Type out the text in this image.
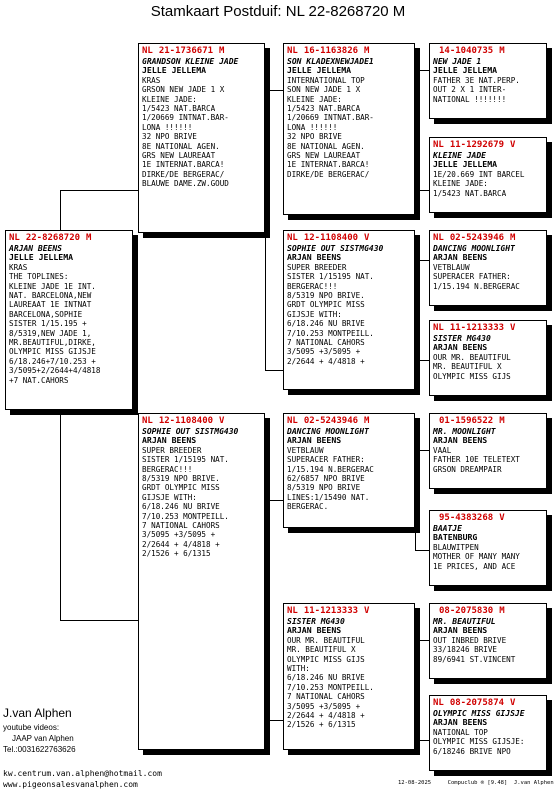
Stamkaart Postduif: NL 22-8268720 M
NL 22-8268720 M
ARJAN BEENS
JELLE JELLEMA
KRAS
THE TOPLINES:
KLEINE JADE 1E INT.
NAT. BARCELONA,NEW
LAUREAAT 1E INTNAT
BARCELONA,SOPHIE
SISTER 1/15.195 +
8/5319,NEW JADE 1,
MR.BEAUTIFUL,DIRKE,
OLYMPIC MISS GIJSJE
6/18.246+7/10.253 +
3/5095+2/2644+4/4818
+7 NAT.CAHORS
NL 21-1736671 M
GRANDSON KLEINE JADE
JELLE JELLEMA
KRAS
GRSON NEW JADE 1 X
KLEINE JADE:
1/5423 NAT.BARCA
1/20669 INTNAT.BAR-
LONA !!!!!!
32 NPO BRIVE
8E NATIONAL AGEN.
GRS NEW LAUREAAT
1E INTERNAT.BARCA!
DIRKE/DE BERGERAC/
BLAUWE DAME.ZW.GOUD
NL 12-1108400 V
SOPHIE OUT SISTMG430
ARJAN BEENS
SUPER BREEDER
SISTER 1/15195 NAT.
BERGERAC!!!
8/5319 NPO BRIVE.
GRDT OLYMPIC MISS
GIJSJE WITH:
6/18.246 NU BRIVE
7/10.253 MONTPEILL.
7 NATIONAL CAHORS
3/5095 +3/5095 +
2/2644 + 4/4818 +
2/1526 + 6/1315
NL 16-1163826 M
SON KLADEXNEWJADE1
JELLE JELLEMA
INTERNATIONAL TOP
SON NEW JADE 1 X
KLEINE JADE:
1/5423 NAT.BARCA
1/20669 INTNAT.BAR-
LONA !!!!!!
32 NPO BRIVE
8E NATIONAL AGEN.
GRS NEW LAUREAAT
1E INTERNAT.BARCA!
DIRKE/DE BERGERAC/
NL 12-1108400 V
SOPHIE OUT SISTMG430
ARJAN BEENS
SUPER BREEDER
SISTER 1/15195 NAT.
BERGERAC!!!
8/5319 NPO BRIVE.
GRDT OLYMPIC MISS
GIJSJE WITH:
6/18.246 NU BRIVE
7/10.253 MONTPEILL.
7 NATIONAL CAHORS
3/5095 +3/5095 +
2/2644 + 4/4818 +
NL 02-5243946 M
DANCING MOONLIGHT
ARJAN BEENS
VETBLAUW
SUPERACER FATHER:
1/15.194 N.BERGERAC
62/6857 NPO BRIVE
8/5319 NPO BRIVE
LINES:1/15490 NAT.
BERGERAC.
NL 11-1213333 V
SISTER MG430
ARJAN BEENS
OUR MR. BEAUTIFUL
MR. BEAUTIFUL X
OLYMPIC MISS GIJS
WITH:
6/18.246 NU BRIVE
7/10.253 MONTPEILL.
7 NATIONAL CAHORS
3/5095 +3/5095 +
2/2644 + 4/4818 +
2/1526 + 6/1315
14-1040735 M
NEW JADE 1
JELLE JELLEMA
FATHER 3E NAT.PERP.
OUT 2 X 1 INTER-
NATIONAL !!!!!!!
NL 11-1292679 V
KLEINE JADE
JELLE JELLEMA
1E/20.669 INT BARCEL
KLEINE JADE:
1/5423 NAT.BARCA
NL 02-5243946 M
DANCING MOONLIGHT
ARJAN BEENS
VETBLAUW
SUPERACER FATHER:
1/15.194 N.BERGERAC
NL 11-1213333 V
SISTER MG430
ARJAN BEENS
OUR MR. BEAUTIFUL
MR. BEAUTIFUL X
OLYMPIC MISS GIJS
01-1596522 M
MR. MOONLIGHT
ARJAN BEENS
VAAL
FATHER 10E TELETEXT
GRSON DREAMPAIR
95-4383268 V
BAATJE
BATENBURG
BLAUWITPEN
MOTHER OF MANY MANY
1E PRICES, AND ACE
08-2075830 M
MR. BEAUTIFUL
ARJAN BEENS
OUT INBRED BRIVE
33/18246 BRIVE
89/6941 ST.VINCENT
NL 08-2075874 V
OLYMPIC MISS GIJSJE
ARJAN BEENS
NATIONAL TOP
OLYMPIC MISS GIJSJE:
6/18246 BRIVE NPO
J.van Alphen
youtube videos:
JAAP van Alphen
Tel.:0031622763626
kw.centrum.van.alphen@hotmail.com
www.pigeonsalesvanalphen.com	12-08-2025     Compuclub ® [9.48]  J.van Alphen
